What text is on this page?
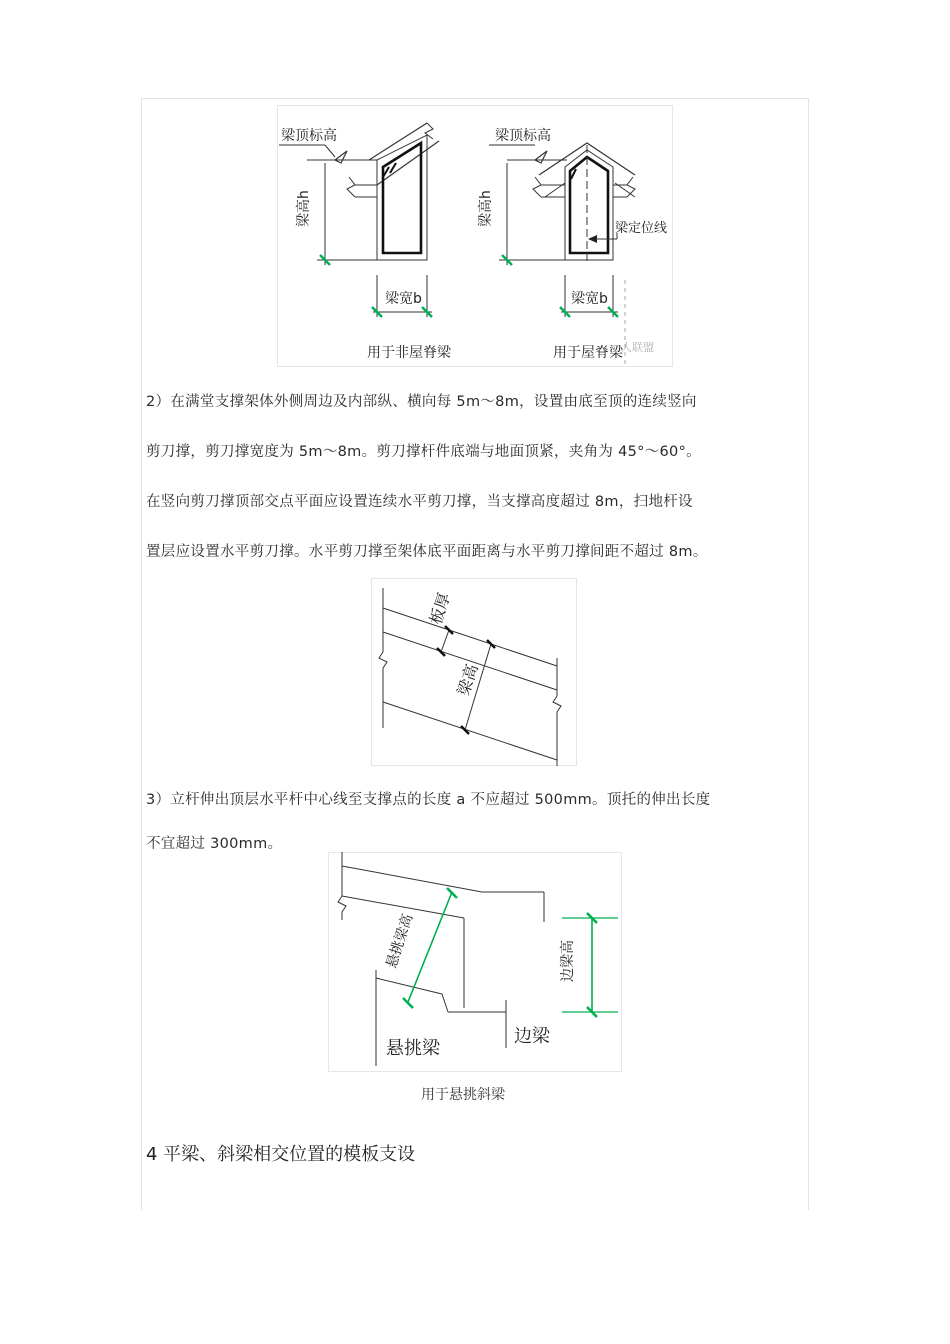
梁高h
梁宽b
梁顶标高
用于非屋脊梁
梁定位线
梁高h
梁宽b
梁顶标高
用于屋脊梁
人联盟
2）在满堂支撑架体外侧周边及内部纵、横向每 5m～8m，设置由底至顶的连续竖向
剪刀撑，剪刀撑宽度为 5m～8m。剪刀撑杆件底端与地面顶紧，夹角为 45°～60°。
在竖向剪刀撑顶部交点平面应设置连续水平剪刀撑，当支撑高度超过 8m，扫地杆设
置层应设置水平剪刀撑。水平剪刀撑至架体底平面距离与水平剪刀撑间距不超过 8m。
板厚
梁高
3）立杆伸出顶层水平杆中心线至支撑点的长度 a 不应超过 500mm。顶托的伸出长度
不宜超过 300mm。
悬挑梁高	边梁高
悬挑梁
边梁
用于悬挑斜梁
4 平梁、斜梁相交位置的模板支设
